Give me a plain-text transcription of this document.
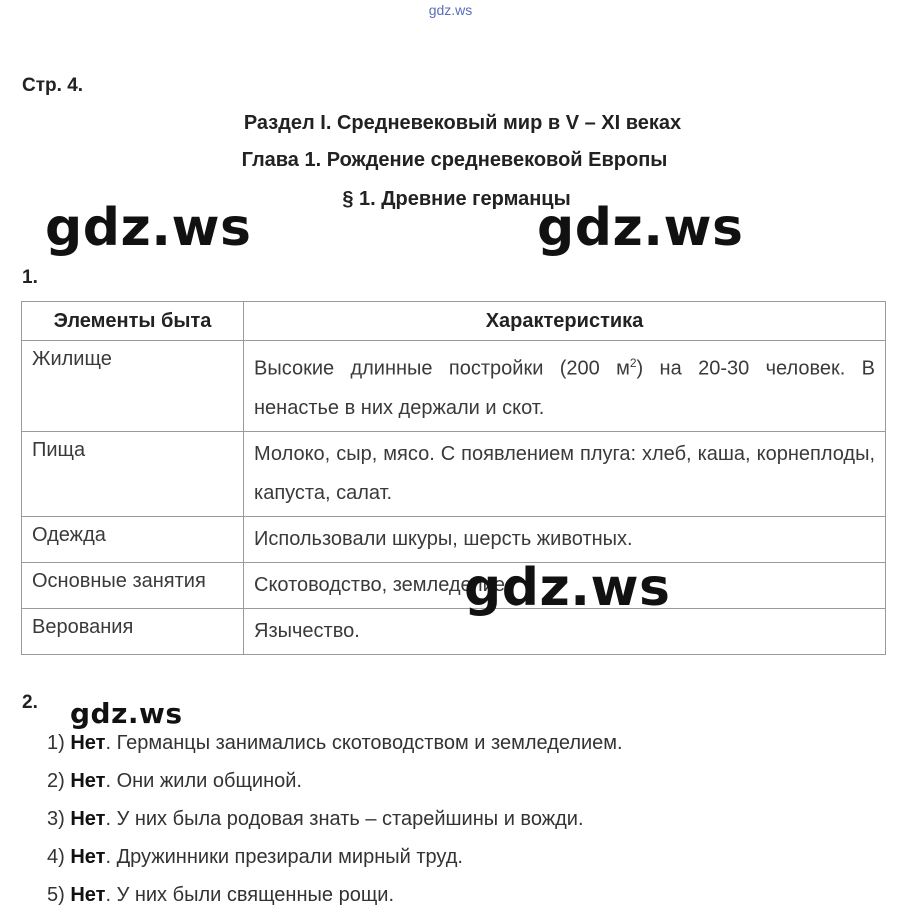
gdz.ws
Стр. 4.
Раздел I. Средневековый мир в V – XI веках
Глава 1. Рождение средневековой Европы
§ 1. Древние германцы
1.
Элементы быта	Характеристика
Жилище	Высокие длинные постройки (200 $м^2$) на 20-30 человек. В ненастье в них держали и скот.
Пища	Молоко, сыр, мясо. С появлением плуга: хлеб, каша, корнеплоды, капуста, салат.
Одежда	Использовали шкуры, шерсть животных.
Основные занятия	Скотоводство, земледелие.
Верования	Язычество.
2.
1) Нет. Германцы занимались скотоводством и земледелием.
2) Нет. Они жили общиной.
3) Нет. У них была родовая знать – старейшины и вожди.
4) Нет. Дружинники презирали мирный труд.
5) Нет. У них были священные рощи.
gdz.ws	gdz.ws
gdz.ws
gdz.ws
